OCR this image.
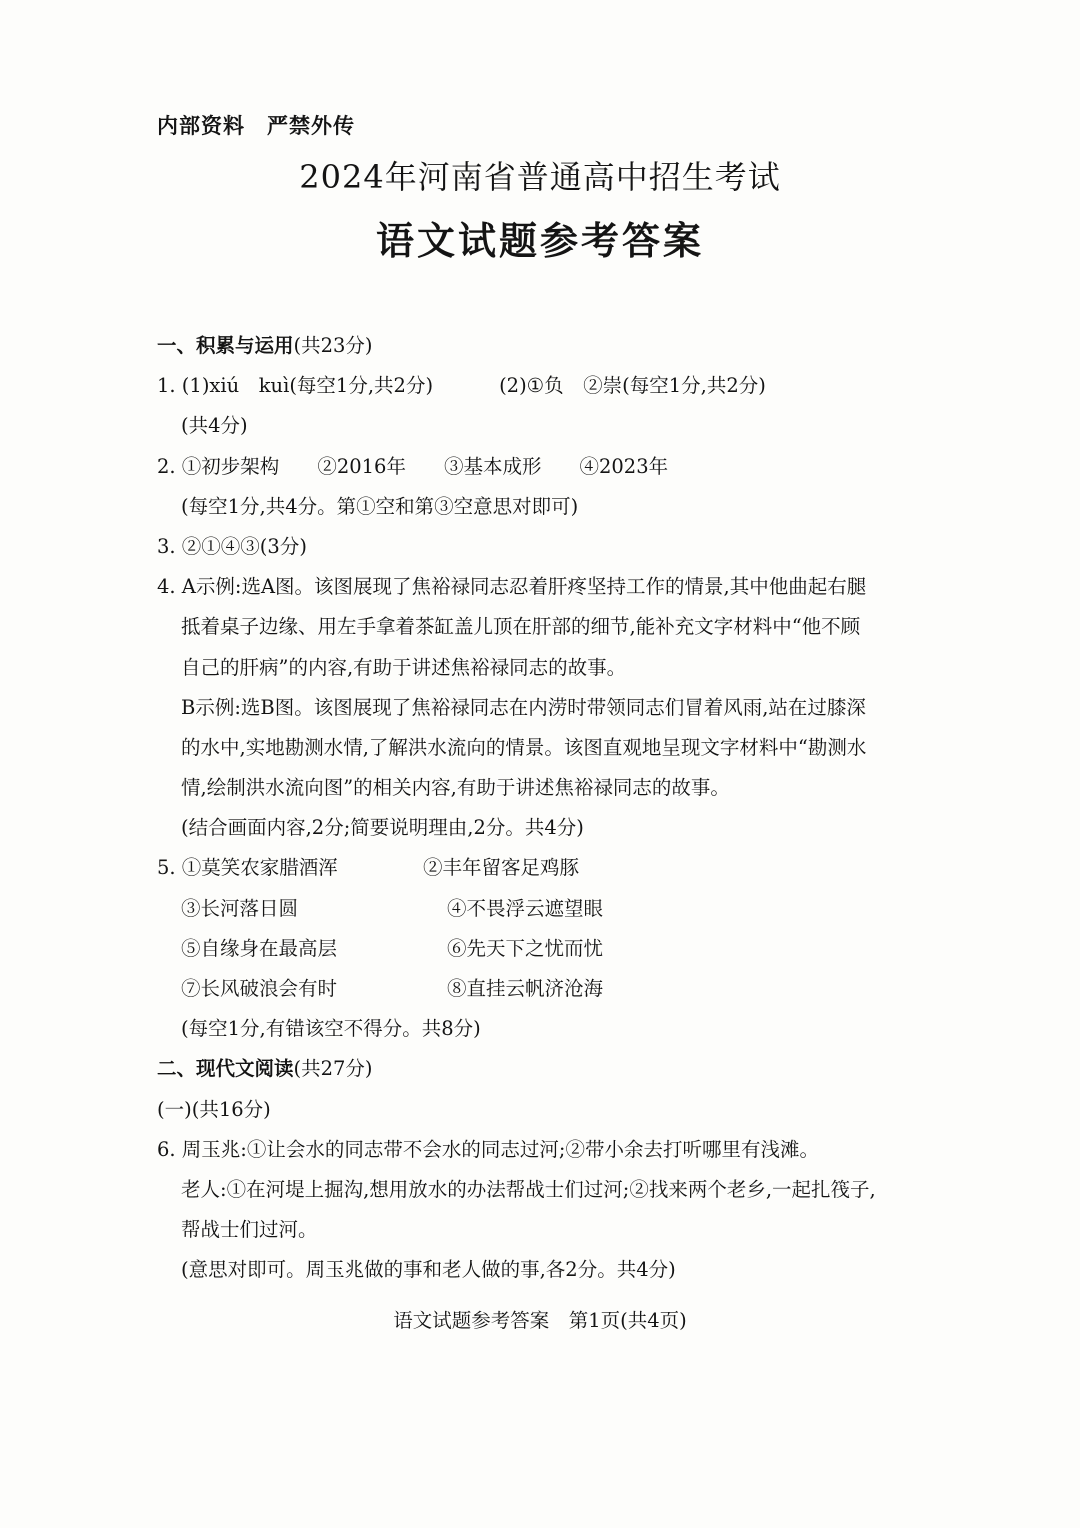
内部资料　严禁外传
2024年河南省普通高中招生考试
语文试题参考答案
一、积累与运用(共23分)
1. (1)xiú　kuì(每空1分,共2分)	(2)①负　②崇(每空1分,共2分)
(共4分)
2. ①初步架构 ②2016年 ③基本成形 ④2023年
(每空1分,共4分。第①空和第③空意思对即可)
3. ②①④③(3分)
4. A示例:选A图。该图展现了焦裕禄同志忍着肝疼坚持工作的情景,其中他曲起右腿
抵着桌子边缘、用左手拿着茶缸盖儿顶在肝部的细节,能补充文字材料中“他不顾
自己的肝病”的内容,有助于讲述焦裕禄同志的故事。
B示例:选B图。该图展现了焦裕禄同志在内涝时带领同志们冒着风雨,站在过膝深
的水中,实地勘测水情,了解洪水流向的情景。该图直观地呈现文字材料中“勘测水
情,绘制洪水流向图”的相关内容,有助于讲述焦裕禄同志的故事。
(结合画面内容,2分;简要说明理由,2分。共4分)
5. ①莫笑农家腊酒浑	②丰年留客足鸡豚
③长河落日圆	④不畏浮云遮望眼
⑤自缘身在最高层	⑥先天下之忧而忧
⑦长风破浪会有时	⑧直挂云帆济沧海
(每空1分,有错该空不得分。共8分)
二、现代文阅读(共27分)
(一)(共16分)
6. 周玉兆:①让会水的同志带不会水的同志过河;②带小余去打听哪里有浅滩。
老人:①在河堤上掘沟,想用放水的办法帮战士们过河;②找来两个老乡,一起扎筏子,
帮战士们过河。
(意思对即可。周玉兆做的事和老人做的事,各2分。共4分)
语文试题参考答案　第1页(共4页)
